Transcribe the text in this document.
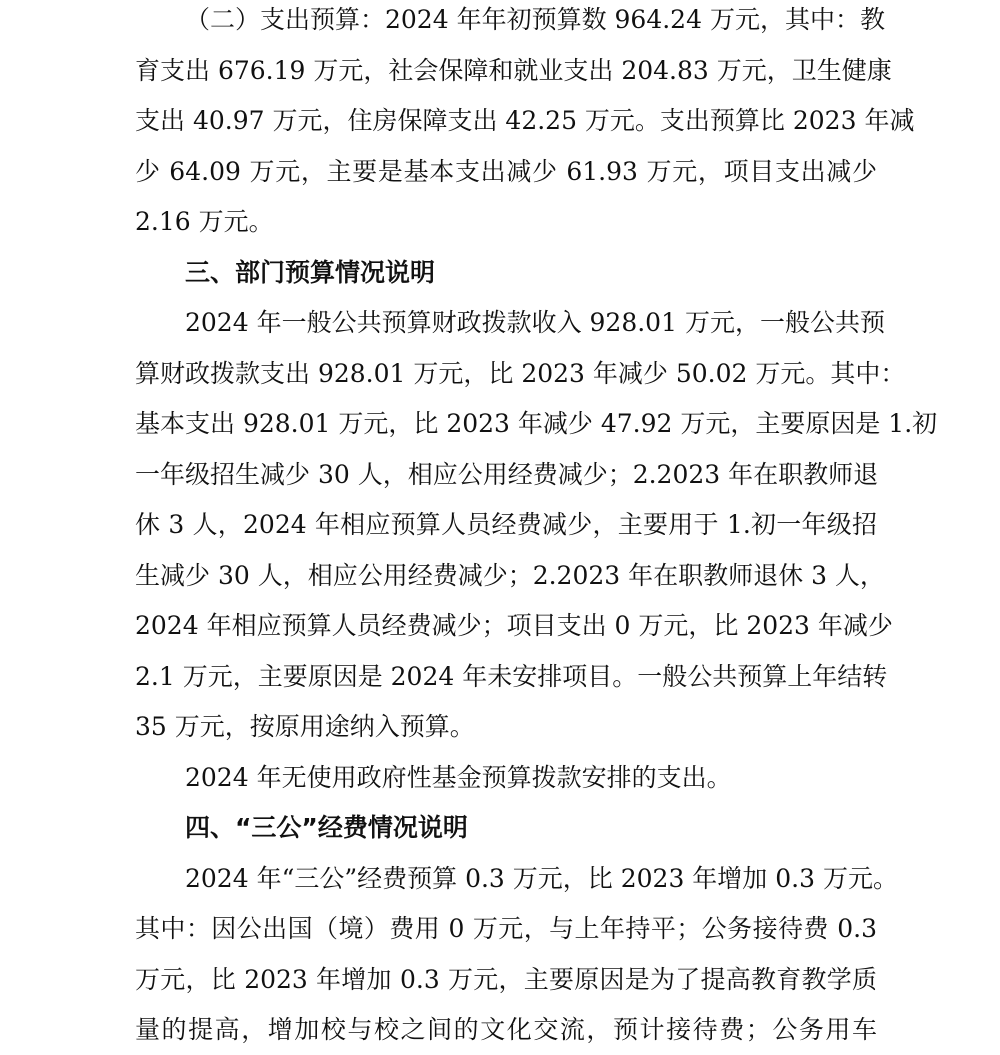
（二）支出预算：2024 年年初预算数 964.24 万元，其中：教
育支出 676.19 万元，社会保障和就业支出 204.83 万元，卫生健康
支出 40.97 万元，住房保障支出 42.25 万元。支出预算比 2023 年减
少 64.09 万元，主要是基本支出减少 61.93 万元，项目支出减少
2.16 万元。
三、部门预算情况说明
2024 年一般公共预算财政拨款收入 928.01 万元，一般公共预
算财政拨款支出 928.01 万元，比 2023 年减少 50.02 万元。其中：
基本支出 928.01 万元，比 2023 年减少 47.92 万元，主要原因是 1.初
一年级招生减少 30 人，相应公用经费减少；2.2023 年在职教师退
休 3 人，2024 年相应预算人员经费减少，主要用于 1.初一年级招
生减少 30 人，相应公用经费减少；2.2023 年在职教师退休 3 人，
2024 年相应预算人员经费减少；项目支出 0 万元，比 2023 年减少
2.1 万元，主要原因是 2024 年未安排项目。一般公共预算上年结转
35 万元，按原用途纳入预算。
2024 年无使用政府性基金预算拨款安排的支出。
四、“三公”经费情况说明
2024 年“三公”经费预算 0.3 万元，比 2023 年增加 0.3 万元。
其中：因公出国（境）费用 0 万元，与上年持平；公务接待费 0.3
万元，比 2023 年增加 0.3 万元，主要原因是为了提高教育教学质
量的提高，增加校与校之间的文化交流，预计接待费；公务用车
